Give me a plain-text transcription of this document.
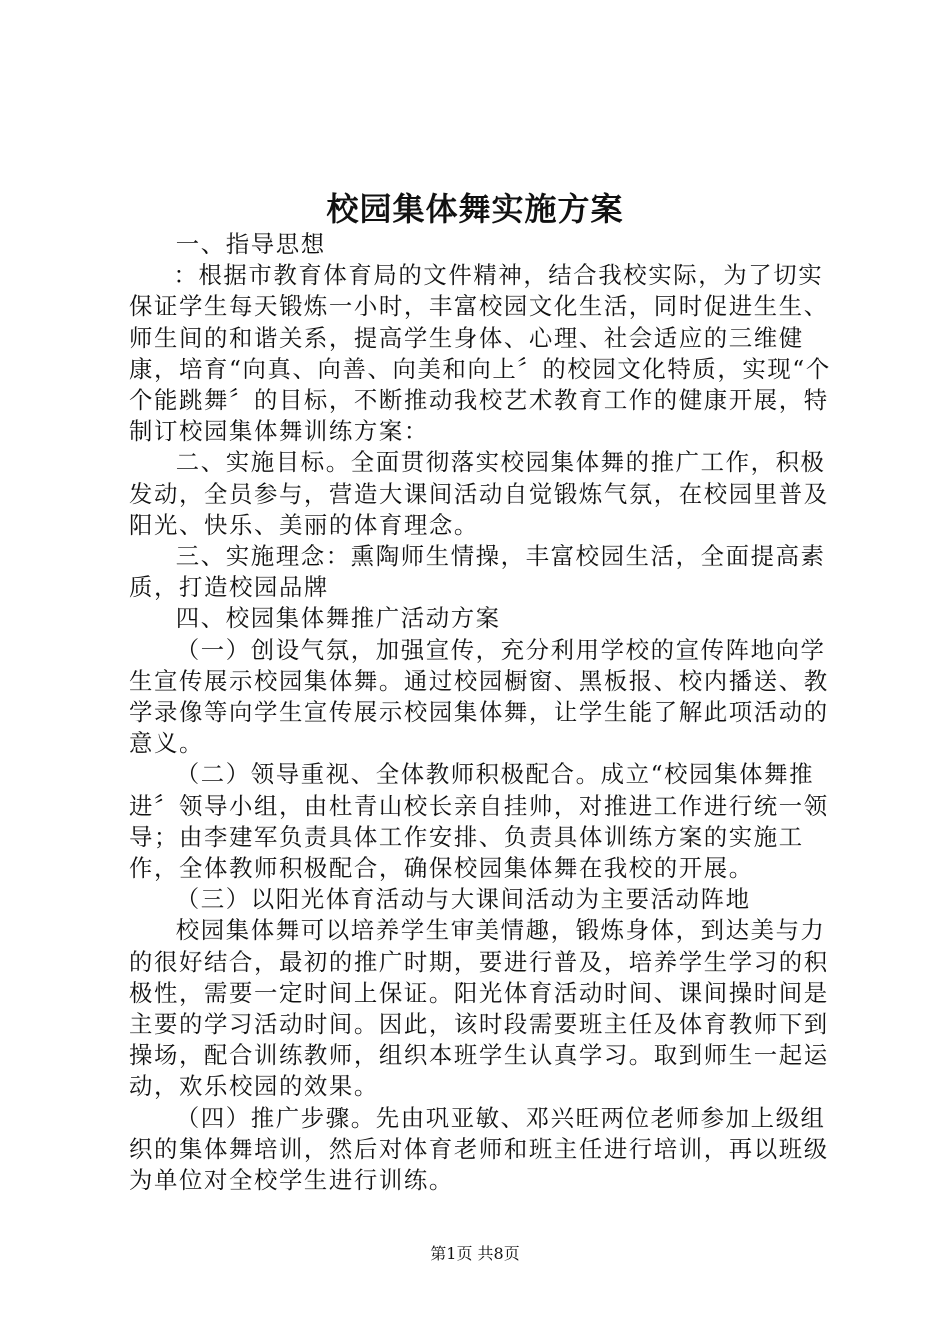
校园集体舞实施方案

一、指导思想

：根据市教育体育局的文件精神，结合我校实际，为了切实保证学生每天锻炼一小时，丰富校园文化生活，同时促进生生、师生间的和谐关系，提高学生身体、心理、社会适应的三维健康，培育“向真、向善、向美和向上〞的校园文化特质，实现“个个能跳舞〞的目标，不断推动我校艺术教育工作的健康开展，特制订校园集体舞训练方案：

二、实施目标。全面贯彻落实校园集体舞的推广工作，积极发动，全员参与，营造大课间活动自觉锻炼气氛，在校园里普及阳光、快乐、美丽的体育理念。

三、实施理念：熏陶师生情操，丰富校园生活，全面提高素质，打造校园品牌

四、校园集体舞推广活动方案

（一）创设气氛，加强宣传，充分利用学校的宣传阵地向学生宣传展示校园集体舞。通过校园橱窗、黑板报、校内播送、教学录像等向学生宣传展示校园集体舞，让学生能了解此项活动的意义。

（二）领导重视、全体教师积极配合。成立“校园集体舞推进〞领导小组，由杜青山校长亲自挂帅，对推进工作进行统一领导；由李建军负责具体工作安排、负责具体训练方案的实施工作，全体教师积极配合，确保校园集体舞在我校的开展。

（三）以阳光体育活动与大课间活动为主要活动阵地

校园集体舞可以培养学生审美情趣，锻炼身体，到达美与力的很好结合，最初的推广时期，要进行普及，培养学生学习的积极性，需要一定时间上保证。阳光体育活动时间、课间操时间是主要的学习活动时间。因此，该时段需要班主任及体育教师下到操场，配合训练教师，组织本班学生认真学习。取到师生一起运动，欢乐校园的效果。

（四）推广步骤。先由巩亚敏、邓兴旺两位老师参加上级组织的集体舞培训，然后对体育老师和班主任进行培训，再以班级为单位对全校学生进行训练。

第1页 共8页
